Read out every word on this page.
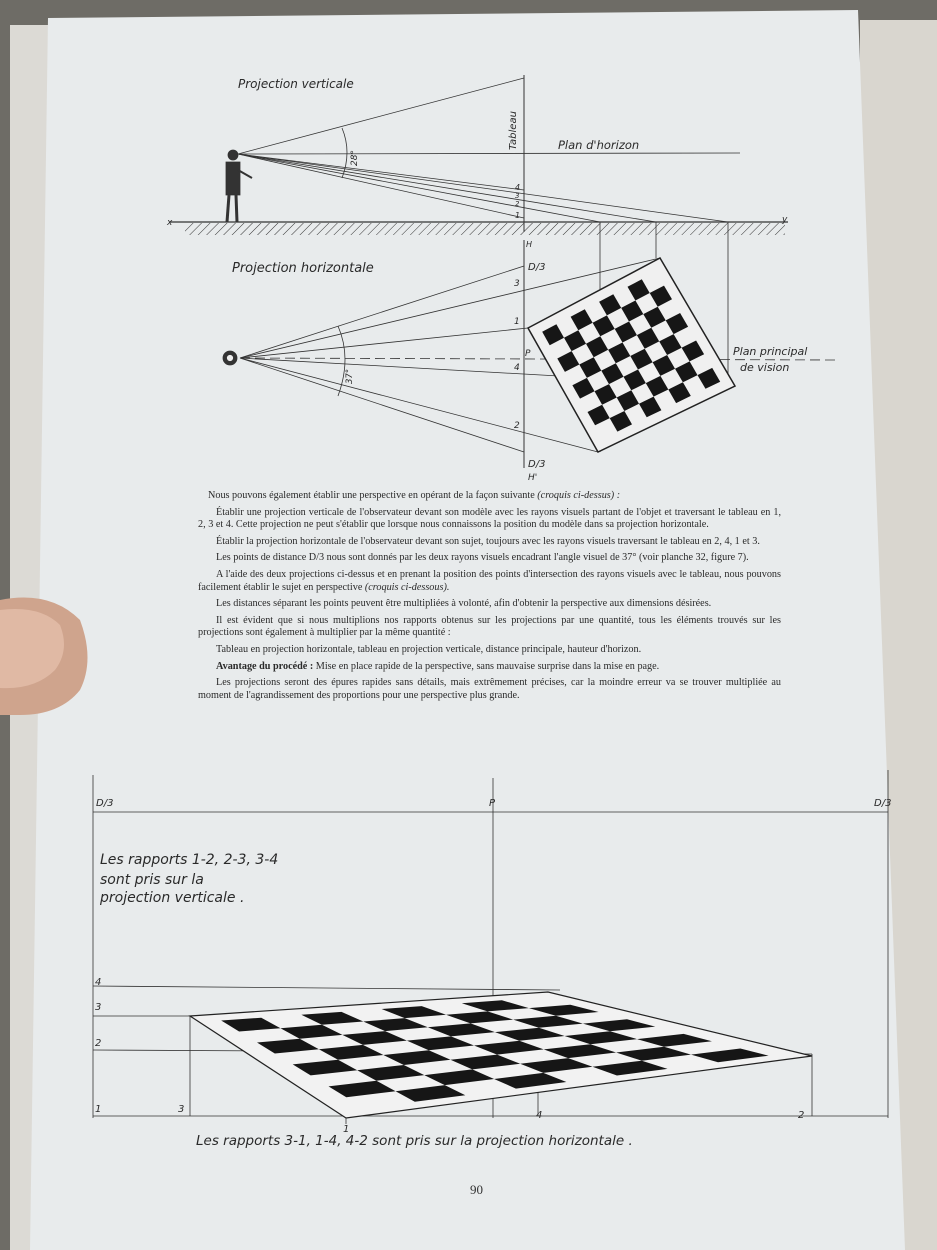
Projection verticale
Tableau	Plan d'horizon
28°
x	y
4
3
2
1
Projection horizontale
H
D/3
D/3
H'
P
3
1
4
2
37°
Plan principal
de vision
D/3	D/3
P
Les rapports 1-2, 2-3, 3-4
sont pris sur la
projection verticale .
4
3
2
1	3
1
4	2
Les rapports 3-1, 1-4, 4-2 sont pris sur la projection horizontale .

Nous pouvons également établir une perspective en opérant de la façon suivante (croquis ci-dessus) :

Établir une projection verticale de l'observateur devant son modèle avec les rayons visuels partant de l'objet et traversant le tableau en 1, 2, 3 et 4. Cette projection ne peut s'établir que lorsque nous connaissons la position du modèle dans sa projection horizontale.

Établir la projection horizontale de l'observateur devant son sujet, toujours avec les rayons visuels traversant le tableau en 2, 4, 1 et 3.

Les points de distance D/3 nous sont donnés par les deux rayons visuels encadrant l'angle visuel de 37° (voir planche 32, figure 7).

A l'aide des deux projections ci-dessus et en prenant la position des points d'intersection des rayons visuels avec le tableau, nous pouvons facilement établir le sujet en perspective (croquis ci-dessous).

Les distances séparant les points peuvent être multipliées à volonté, afin d'obtenir la perspective aux dimensions désirées.

Il est évident que si nous multiplions nos rapports obtenus sur les projections par une quantité, tous les éléments trouvés sur les projections sont également à multiplier par la même quantité :

Tableau en projection horizontale, tableau en projection verticale, distance principale, hauteur d'horizon.

Avantage du procédé : Mise en place rapide de la perspective, sans mauvaise surprise dans la mise en page.

Les projections seront des épures rapides sans détails, mais extrêmement précises, car la moindre erreur va se trouver multipliée au moment de l'agrandissement des proportions pour une perspective plus grande.

90
